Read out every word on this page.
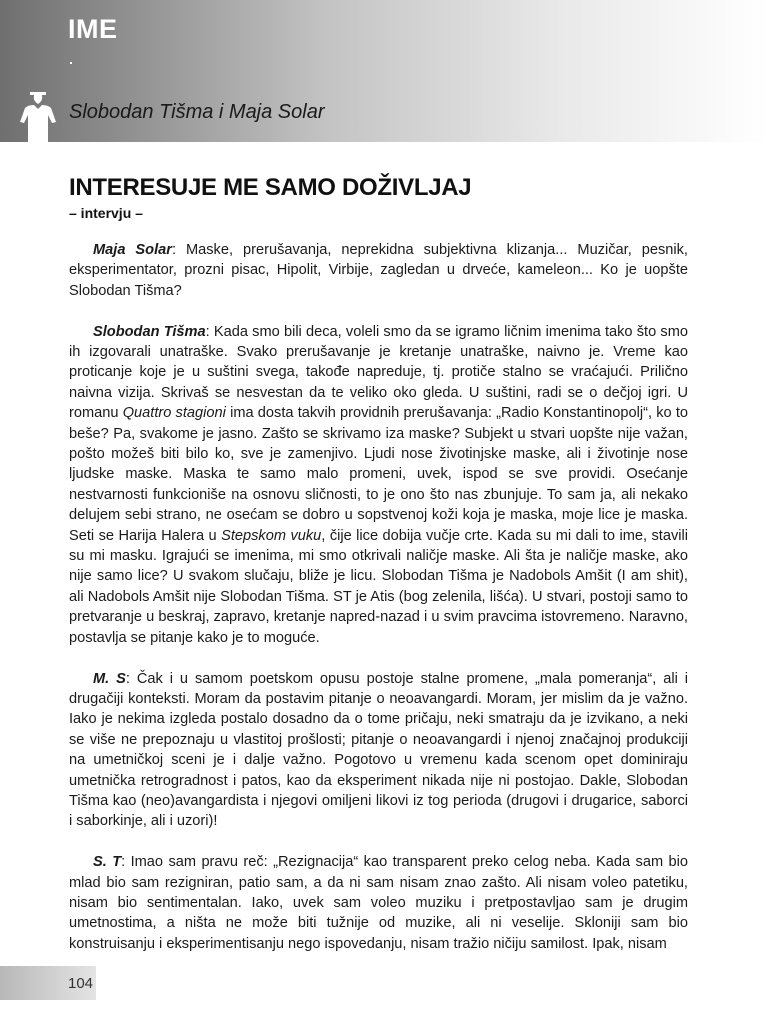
IME
Slobodan Tišma i Maja Solar
INTERESUJE ME SAMO DOŽIVLJAJ
– intervju –

Maja Solar: Maske, prerušavanja, neprekidna subjektivna klizanja... Muzičar, pesnik, eksperimentator, prozni pisac, Hipolit, Virbije, zagledan u drveće, kameleon... Ko je uopšte Slobodan Tišma?

Slobodan Tišma: Kada smo bili deca, voleli smo da se igramo ličnim imenima tako što smo ih izgovarali unatraške. Svako prerušavanje je kretanje unatraške, naivno je. Vreme kao proticanje koje je u suštini svega, takođe napreduje, tj. protiče stalno se vraćajući. Prilično naivna vizija. Skrivaš se nesvestan da te veliko oko gleda. U suštini, radi se o dečjoj igri. U romanu Quattro stagioni ima dosta takvih providnih prerušavanja: „Radio Konstantinopolj“, ko to beše? Pa, svakome je jasno. Zašto se skrivamo iza maske? Subjekt u stvari uopšte nije važan, pošto možeš biti bilo ko, sve je zamenjivo. Ljudi nose životinjske maske, ali i životinje nose ljudske maske. Maska te samo malo promeni, uvek, ispod se sve providi. Osećanje nestvarnosti funkcioniše na osnovu sličnosti, to je ono što nas zbunjuje. To sam ja, ali nekako delujem sebi strano, ne osećam se dobro u sopstvenoj koži koja je maska, moje lice je maska. Seti se Harija Halera u Stepskom vuku, čije lice dobija vučje crte. Kada su mi dali to ime, stavili su mi masku. Igrajući se imenima, mi smo otkrivali naličje maske. Ali šta je naličje maske, ako nije samo lice? U svakom slučaju, bliže je licu. Slobodan Tišma je Nadobols Amšit (I am shit), ali Nadobols Amšit nije Slobodan Tišma. ST je Atis (bog zelenila, lišća). U stvari, postoji samo to pretvaranje u beskraj, zapravo, kretanje napred-nazad i u svim pravcima istovremeno. Naravno, postavlja se pitanje kako je to moguće.

M. S: Čak i u samom poetskom opusu postoje stalne promene, „mala pomeranja“, ali i drugačiji konteksti. Moram da postavim pitanje o neoavangardi. Moram, jer mislim da je važno. Iako je nekima izgleda postalo dosadno da o tome pričaju, neki smatraju da je izvikano, a neki se više ne prepoznaju u vlastitoj prošlosti; pitanje o neoavangardi i njenoj značajnoj produkciji na umetničkoj sceni je i dalje važno. Pogotovo u vremenu kada scenom opet dominiraju umetnička retrogradnost i patos, kao da eksperiment nikada nije ni postojao. Dakle, Slobodan Tišma kao (neo)avangardista i njegovi omiljeni likovi iz tog perioda (drugovi i drugarice, saborci i saborkinje, ali i uzori)!

S. T: Imao sam pravu reč: „Rezignacija“ kao transparent preko celog neba. Kada sam bio mlad bio sam rezigniran, patio sam, a da ni sam nisam znao zašto. Ali nisam voleo patetiku, nisam bio sentimentalan. Iako, uvek sam voleo muziku i pretpostavljao sam je drugim umetnostima, a ništa ne može biti tužnije od muzike, ali ni veselije. Skloniji sam bio konstruisanju i eksperimentisanju nego ispovedanju, nisam tražio ničiju samilost. Ipak, nisam

104
